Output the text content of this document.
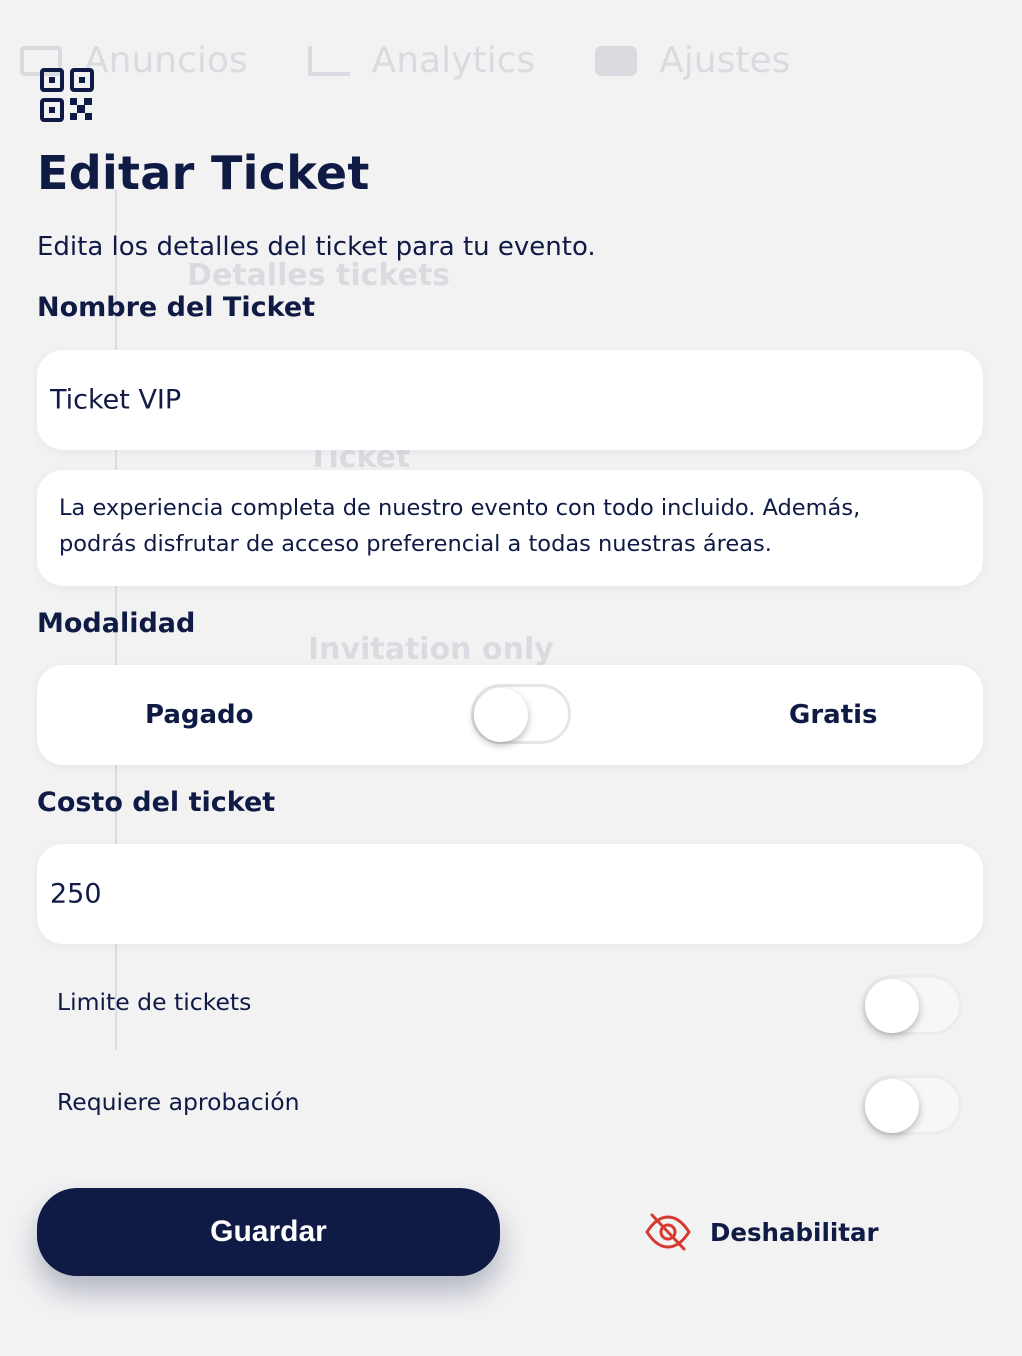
Anuncios	Analytics	Ajustes
Detalles tickets
Ticket
Invitation only
Editar Ticket

Edita los detalles del ticket para tu evento.

Nombre del Ticket
Ticket VIP
La experiencia completa de nuestro evento con todo incluido. Además, podrás disfrutar de acceso preferencial a todas nuestras áreas.
Modalidad
Pagado	Gratis
Costo del ticket
250
Limite de tickets
Requiere aprobación
Guardar	Deshabilitar
